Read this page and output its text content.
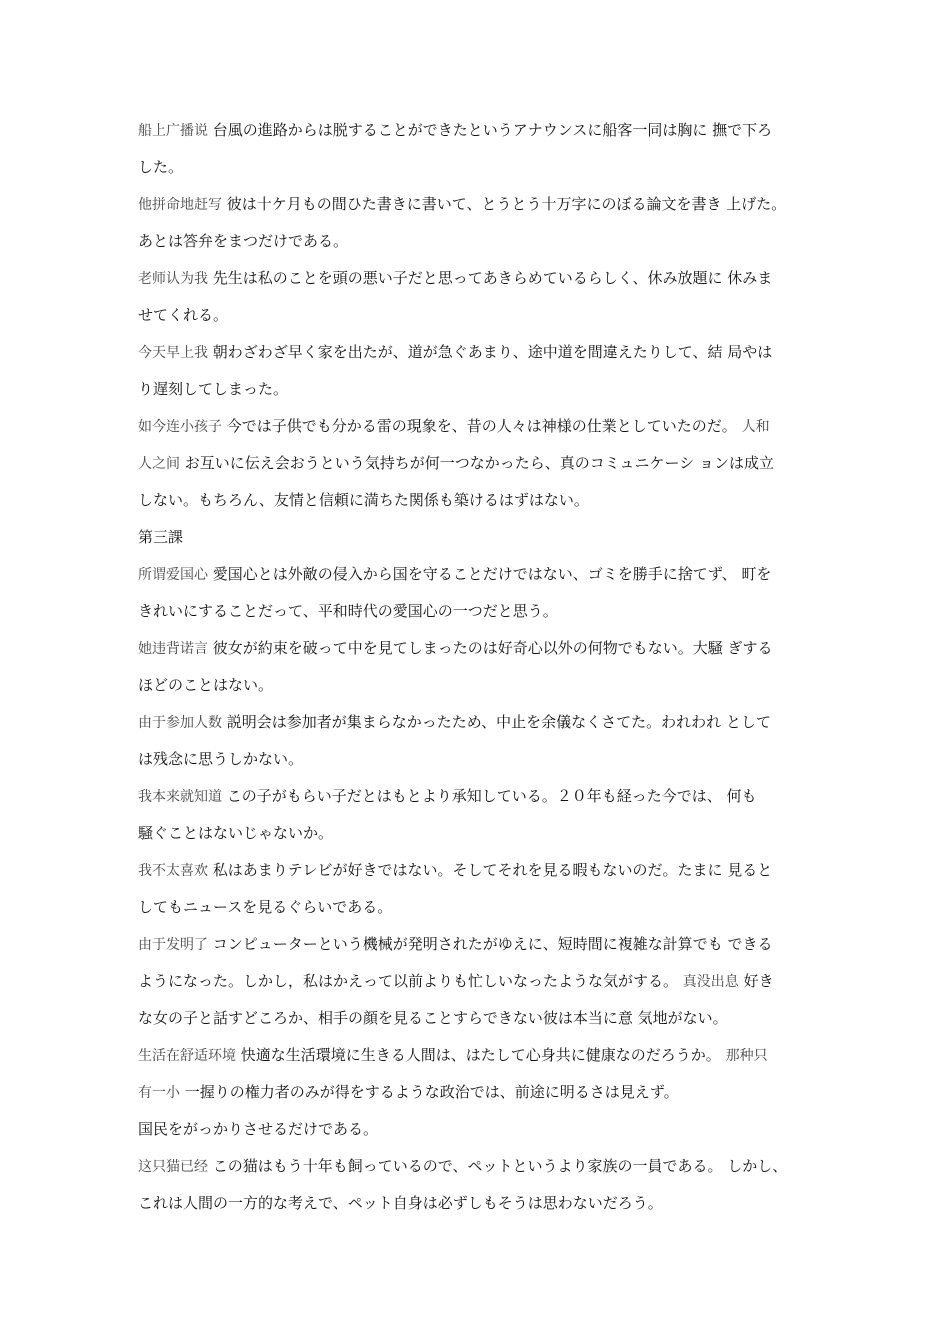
船上广播说 台風の進路からは脱することができたというアナウンスに船客一同は胸に 撫で下ろ
した。
他拼命地赶写 彼は十ケ月もの間ひた書きに書いて、とうとう十万字にのぼる論文を書き 上げた。
あとは答弁をまつだけである。
老师认为我 先生は私のことを頭の悪い子だと思ってあきらめているらしく、休み放題に 休みま
せてくれる。
今天早上我 朝わざわざ早く家を出たが、道が急ぐあまり、途中道を間違えたりして、結 局やは
り遅刻してしまった。
如今连小孩子 今では子供でも分かる雷の現象を、昔の人々は神様の仕業としていたのだ。 人和
人之间 お互いに伝え会おうという気持ちが何一つなかったら、真のコミュニケーシ ョンは成立
しない。もちろん、友情と信頼に満ちた関係も築けるはずはない。
第三課
所谓爱国心 愛国心とは外敵の侵入から国を守ることだけではない、ゴミを勝手に捨てず、 町を
きれいにすることだって、平和時代の愛国心の一つだと思う。
她违背诺言 彼女が約束を破って中を見てしまったのは好奇心以外の何物でもない。大騒 ぎする
ほどのことはない。
由于参加人数 説明会は参加者が集まらなかったため、中止を余儀なくさてた。われわれ として
は残念に思うしかない。
我本来就知道 この子がもらい子だとはもとより承知している。２０年も経った今では、 何も
騒ぐことはないじゃないか。
我不太喜欢 私はあまりテレビが好きではない。そしてそれを見る暇もないのだ。たまに 見ると
してもニュースを見るぐらいである。
由于发明了 コンピューターという機械が発明されたがゆえに、短時間に複雑な計算でも できる
ようになった。しかし，私はかえって以前よりも忙しいなったような気がする。 真没出息 好き
な女の子と話すどころか、相手の顔を見ることすらできない彼は本当に意 気地がない。
生活在舒适环境 快適な生活環境に生きる人間は、はたして心身共に健康なのだろうか。 那种只
有一小 一握りの権力者のみが得をするような政治では、前途に明るさは見えず。
国民をがっかりさせるだけである。
这只猫已经 この猫はもう十年も飼っているので、ペットというより家族の一員である。 しかし、
これは人間の一方的な考えで、ペット自身は必ずしもそうは思わないだろう。
